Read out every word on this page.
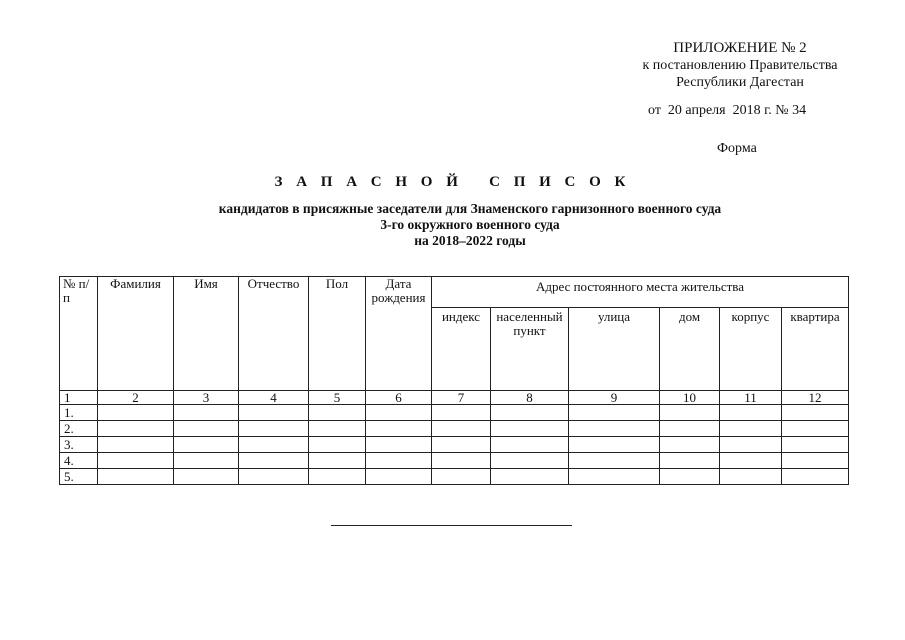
ПРИЛОЖЕНИЕ № 2
к постановлению Правительства
Республики Дагестан
от  20 апреля  2018 г. № 34
Форма
З А П А С Н О Й   С П И С О К
кандидатов в присяжные заседатели для Знаменского гарнизонного военного суда
3-го окружного военного суда
на 2018–2022 годы
№ п/п	Фамилия	Имя	Отчество	Пол	Дата рождения	Адрес постоянного места жительства					
						индекс	населенный пункт	улица	дом	корпус	квартира
1	2	3	4	5	6	7	8	9	10	11	12
1.											
2.											
3.											
4.											
5.											
